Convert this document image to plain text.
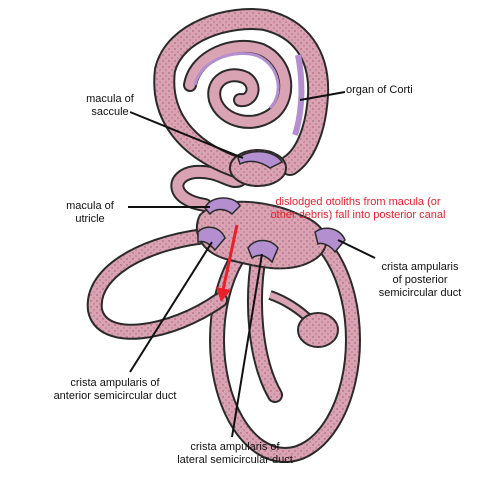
organ of Corti
macula of
saccule
macula of
utricle
dislodged otoliths from macula (or
other debris) fall into posterior canal
crista ampularis
of posterior
semicircular duct
crista ampularis of
anterior semicircular duct
crista ampularis of
lateral semicircular duct
